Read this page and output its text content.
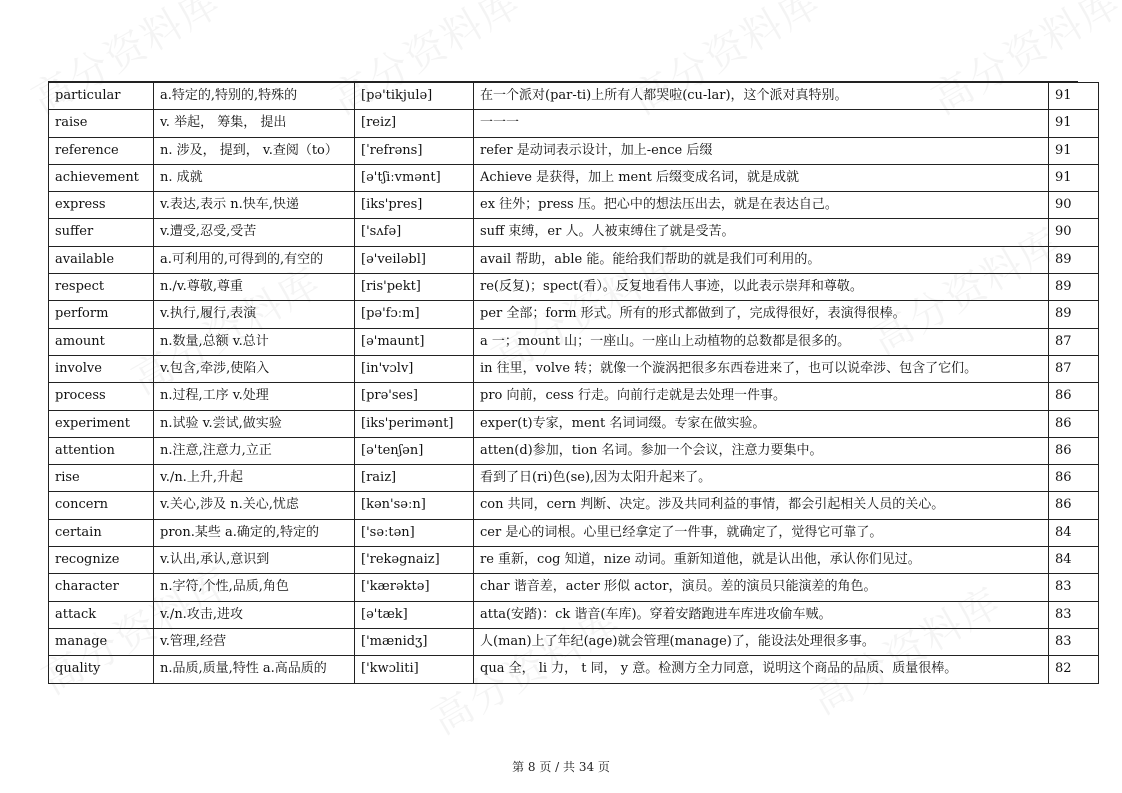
particular	a.特定的,特别的,特殊的	[pə'tikjulə]	在一个派对(par-ti)上所有人都哭啦(cu-lar)，这个派对真特别。	91
raise	v. 举起， 筹集， 提出	[reiz]	一一一	91
reference	n. 涉及， 提到， v.查阅（to）	[ˈrefrəns]	refer 是动词表示设计，加上-ence 后缀	91
achievement	n. 成就	[ə'tʃiːvmənt]	Achieve 是获得，加上 ment 后缀变成名词，就是成就	91
express	v.表达,表示 n.快车,快递	[iks'pres]	ex 往外；press 压。把心中的想法压出去，就是在表达自己。	90
suffer	v.遭受,忍受,受苦	['sʌfə]	suff 束缚，er 人。人被束缚住了就是受苦。	90
available	a.可利用的,可得到的,有空的	[ə'veiləbl]	avail 帮助，able 能。能给我们帮助的就是我们可利用的。	89
respect	n./v.尊敬,尊重	[ris'pekt]	re(反复)；spect(看）。反复地看伟人事迹，以此表示崇拜和尊敬。	89
perform	v.执行,履行,表演	[pə'fɔːm]	per 全部；form 形式。所有的形式都做到了，完成得很好，表演得很棒。	89
amount	n.数量,总额 v.总计	[ə'maunt]	a 一；mount 山；一座山。一座山上动植物的总数都是很多的。	87
involve	v.包含,牵涉,使陷入	[in'vɔlv]	in 往里，volve 转；就像一个漩涡把很多东西卷进来了，也可以说牵涉、包含了它们。	87
process	n.过程,工序 v.处理	[prə'ses]	pro 向前，cess 行走。向前行走就是去处理一件事。	86
experiment	n.试验 v.尝试,做实验	[iks'perimənt]	exper(t)专家，ment 名词词缀。专家在做实验。	86
attention	n.注意,注意力,立正	[ə'tenʃən]	atten(d)参加，tion 名词。参加一个会议，注意力要集中。	86
rise	v./n.上升,升起	[raiz]	看到了日(ri)色(se),因为太阳升起来了。	86
concern	v.关心,涉及 n.关心,忧虑	[kən'səːn]	con 共同，cern 判断、决定。涉及共同利益的事情，都会引起相关人员的关心。	86
certain	pron.某些 a.确定的,特定的	['səːtən]	cer 是心的词根。心里已经拿定了一件事，就确定了，觉得它可靠了。	84
recognize	v.认出,承认,意识到	['rekəgnaiz]	re 重新，cog 知道，nize 动词。重新知道他，就是认出他，承认你们见过。	84
character	n.字符,个性,品质,角色	['kærəktə]	char 谐音差，acter 形似 actor，演员。差的演员只能演差的角色。	83
attack	v./n.攻击,进攻	[ə'tæk]	atta(安踏)：ck 谐音(车库)。穿着安踏跑进车库进攻偷车贼。	83
manage	v.管理,经营	['mænidʒ]	人(man)上了年纪(age)就会管理(manage)了，能设法处理很多事。	83
quality	n.品质,质量,特性 a.高品质的	['kwɔliti]	qua 全， li 力， t 同， y 意。检测方全力同意，说明这个商品的品质、质量很棒。	82
第 8 页 / 共 34 页
